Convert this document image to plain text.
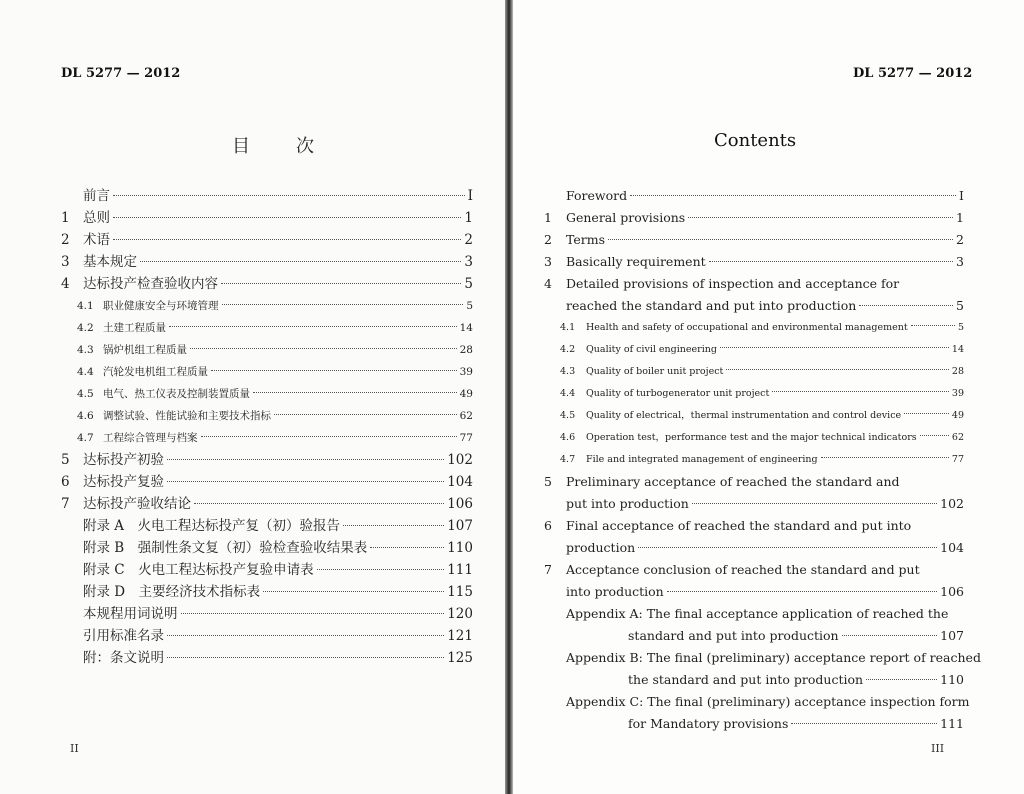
DL 5277 — 2012
目 次
前言	I
1 总则	1
2 术语	2
3 基本规定	3
4 达标投产检查验收内容	5
4.1 职业健康安全与环境管理	5
4.2 土建工程质量	14
4.3 锅炉机组工程质量	28
4.4 汽轮发电机组工程质量	39
4.5 电气、热工仪表及控制装置质量	49
4.6 调整试验、性能试验和主要技术指标	62
4.7 工程综合管理与档案	77
5 达标投产初验	102
6 达标投产复验	104
7 达标投产验收结论	106
附录 A　火电工程达标投产复（初）验报告	107
附录 B　强制性条文复（初）验检查验收结果表	110
附录 C　火电工程达标投产复验申请表	111
附录 D　主要经济技术指标表	115
本规程用词说明	120
引用标准名录	121
附：条文说明	125
II
DL 5277 — 2012
Contents
Foreword	I
1 General provisions	1
2 Terms	2
3 Basically requirement	3
4 Detailed provisions of inspection and acceptance for
reached the standard and put into production	5
4.1 Health and safety of occupational and environmental management	5
4.2 Quality of civil engineering	14
4.3 Quality of boiler unit project	28
4.4 Quality of turbogenerator unit project	39
4.5 Quality of electrical，thermal instrumentation and control device	49
4.6 Operation test，performance test and the major technical indicators	62
4.7 File and integrated management of engineering	77
5 Preliminary acceptance of reached the standard and
put into production	102
6 Final acceptance of reached the standard and put into
production	104
7 Acceptance conclusion of reached the standard and put
into production	106
Appendix A: The final acceptance application of reached the
standard and put into production	107
Appendix B: The final (preliminary) acceptance report of reached
the standard and put into production	110
Appendix C: The final (preliminary) acceptance inspection form
for Mandatory provisions	111
III
